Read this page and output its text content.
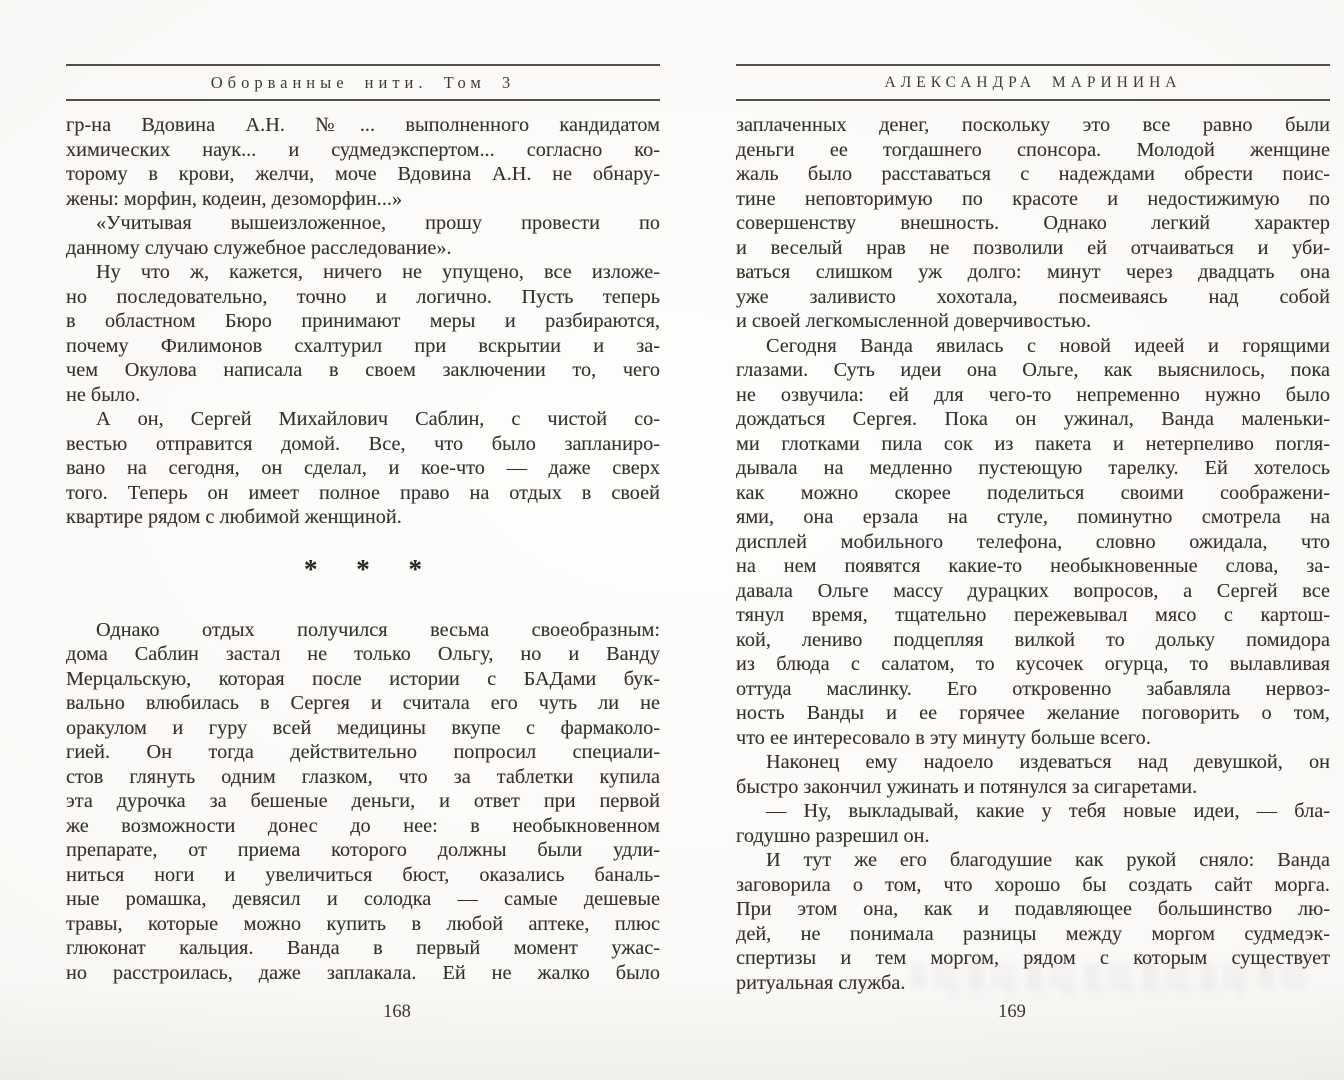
Оборванные нити. Том 3
гр-на Вдовина А.Н. №... выполненного кандидатом
химических наук... и судмедэкспертом... согласно ко-
торому в крови, желчи, моче Вдовина А.Н. не обнару-
жены: морфин, кодеин, дезоморфин...»
«Учитывая вышеизложенное, прошу провести по
данному случаю служебное расследование».
Ну что ж, кажется, ничего не упущено, все изложе-
но последовательно, точно и логично. Пусть теперь
в областном Бюро принимают меры и разбираются,
почему Филимонов схалтурил при вскрытии и за-
чем Окулова написала в своем заключении то, чего
не было.
А он, Сергей Михайлович Саблин, с чистой со-
вестью отправится домой. Все, что было запланиро-
вано на сегодня, он сделал, и кое-что — даже сверх
того. Теперь он имеет полное право на отдых в своей
квартире рядом с любимой женщиной.
* * *
Однако отдых получился весьма своеобразным:
дома Саблин застал не только Ольгу, но и Ванду
Мерцальскую, которая после истории с БАДами бук-
вально влюбилась в Сергея и считала его чуть ли не
оракулом и гуру всей медицины вкупе с фармаколо-
гией. Он тогда действительно попросил специали-
стов глянуть одним глазком, что за таблетки купила
эта дурочка за бешеные деньги, и ответ при первой
же возможности донес до нее: в необыкновенном
препарате, от приема которого должны были удли-
ниться ноги и увеличиться бюст, оказались баналь-
ные ромашка, девясил и солодка — самые дешевые
травы, которые можно купить в любой аптеке, плюс
глюконат кальция. Ванда в первый момент ужас-
но расстроилась, даже заплакала. Ей не жалко было
168
АЛЕКСАНДРА МАРИНИНА
заплаченных денег, поскольку это все равно были
деньги ее тогдашнего спонсора. Молодой женщине
жаль было расставаться с надеждами обрести поис-
тине неповторимую по красоте и недостижимую по
совершенству внешность. Однако легкий характер
и веселый нрав не позволили ей отчаиваться и уби-
ваться слишком уж долго: минут через двадцать она
уже заливисто хохотала, посмеиваясь над собой
и своей легкомысленной доверчивостью.
Сегодня Ванда явилась с новой идеей и горящими
глазами. Суть идеи она Ольге, как выяснилось, пока
не озвучила: ей для чего-то непременно нужно было
дождаться Сергея. Пока он ужинал, Ванда маленьки-
ми глотками пила сок из пакета и нетерпеливо погля-
дывала на медленно пустеющую тарелку. Ей хотелось
как можно скорее поделиться своими соображени-
ями, она ерзала на стуле, поминутно смотрела на
дисплей мобильного телефона, словно ожидала, что
на нем появятся какие-то необыкновенные слова, за-
давала Ольге массу дурацких вопросов, а Сергей все
тянул время, тщательно пережевывал мясо с картош-
кой, лениво подцепляя вилкой то дольку помидора
из блюда с салатом, то кусочек огурца, то вылавливая
оттуда маслинку. Его откровенно забавляла нервоз-
ность Ванды и ее горячее желание поговорить о том,
что ее интересовало в эту минуту больше всего.
Наконец ему надоело издеваться над девушкой, он
быстро закончил ужинать и потянулся за сигаретами.
— Ну, выкладывай, какие у тебя новые идеи, — бла-
годушно разрешил он.
И тут же его благодушие как рукой сняло: Ванда
заговорила о том, что хорошо бы создать сайт морга.
При этом она, как и подавляющее большинство лю-
дей, не понимала разницы между моргом судмедэк-
спертизы и тем моргом, рядом с которым существует
ритуальная служба.
169
